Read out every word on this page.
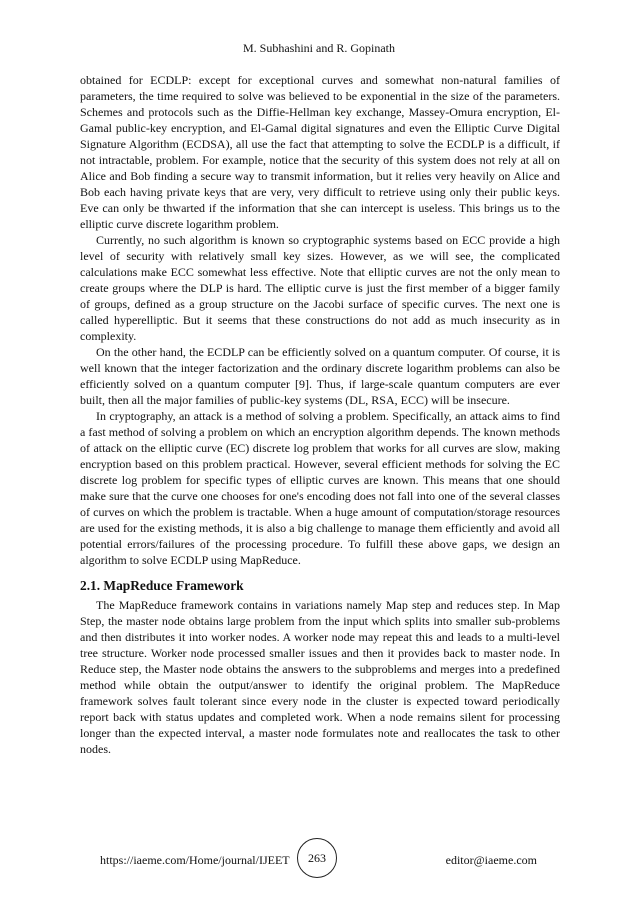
M. Subhashini and R. Gopinath

obtained for ECDLP: except for exceptional curves and somewhat non-natural families of parameters, the time required to solve was believed to be exponential in the size of the parameters. Schemes and protocols such as the Diffie-Hellman key exchange, Massey-Omura encryption, El- Gamal public-key encryption, and El-Gamal digital signatures and even the Elliptic Curve Digital Signature Algorithm (ECDSA), all use the fact that attempting to solve the ECDLP is a difficult, if not intractable, problem. For example, notice that the security of this system does not rely at all on Alice and Bob finding a secure way to transmit information, but it relies very heavily on Alice and Bob each having private keys that are very, very difficult to retrieve using only their public keys. Eve can only be thwarted if the information that she can intercept is useless. This brings us to the elliptic curve discrete logarithm problem.

Currently, no such algorithm is known so cryptographic systems based on ECC provide a high level of security with relatively small key sizes. However, as we will see, the complicated calculations make ECC somewhat less effective. Note that elliptic curves are not the only mean to create groups where the DLP is hard. The elliptic curve is just the first member of a bigger family of groups, defined as a group structure on the Jacobi surface of specific curves. The next one is called hyperelliptic. But it seems that these constructions do not add as much insecurity as in complexity.

On the other hand, the ECDLP can be efficiently solved on a quantum computer. Of course, it is well known that the integer factorization and the ordinary discrete logarithm problems can also be efficiently solved on a quantum computer [9]. Thus, if large-scale quantum computers are ever built, then all the major families of public-key systems (DL, RSA, ECC) will be insecure.

In cryptography, an attack is a method of solving a problem. Specifically, an attack aims to find a fast method of solving a problem on which an encryption algorithm depends. The known methods of attack on the elliptic curve (EC) discrete log problem that works for all curves are slow, making encryption based on this problem practical. However, several efficient methods for solving the EC discrete log problem for specific types of elliptic curves are known. This means that one should make sure that the curve one chooses for one's encoding does not fall into one of the several classes of curves on which the problem is tractable. When a huge amount of computation/storage resources are used for the existing methods, it is also a big challenge to manage them efficiently and avoid all potential errors/failures of the processing procedure. To fulfill these above gaps, we design an algorithm to solve ECDLP using MapReduce.

2.1. MapReduce Framework

The MapReduce framework contains in variations namely Map step and reduces step. In Map Step, the master node obtains large problem from the input which splits into smaller sub-problems and then distributes it into worker nodes. A worker node may repeat this and leads to a multi-level tree structure. Worker node processed smaller issues and then it provides back to master node. In Reduce step, the Master node obtains the answers to the subproblems and merges into a predefined method while obtain the output/answer to identify the original problem. The MapReduce framework solves fault tolerant since every node in the cluster is expected toward periodically report back with status updates and completed work. When a node remains silent for processing longer than the expected interval, a master node formulates note and reallocates the task to other nodes.

https://iaeme.com/Home/journal/IJEET	263	editor@iaeme.com
